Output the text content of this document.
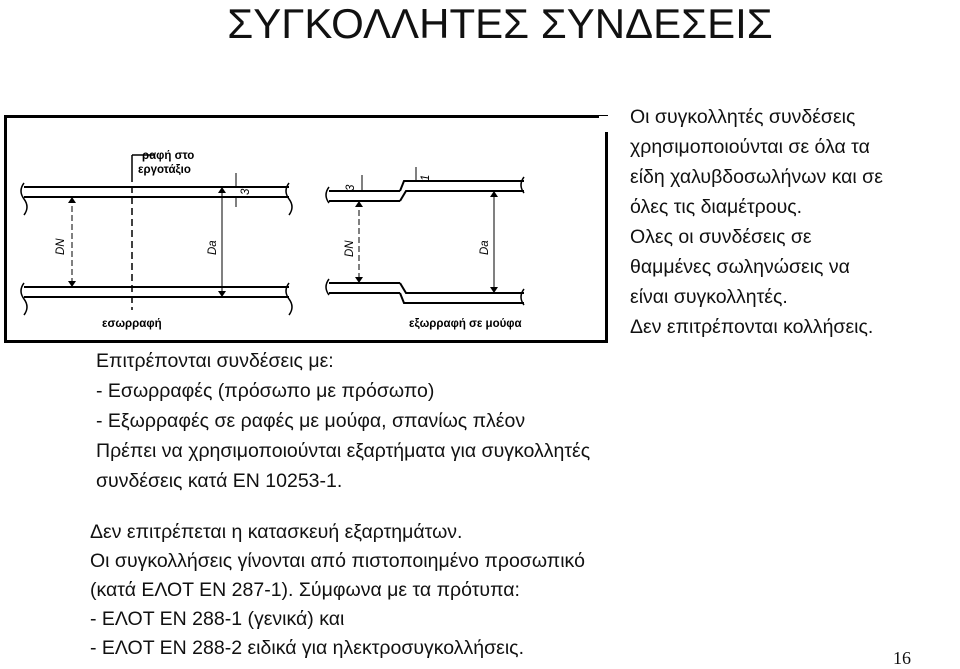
ΣΥΓΚΟΛΛΗΤΕΣ ΣΥΝΔΕΣΕΙΣ
ραφή στο
εργοτάξιο
εσωρραφή	εξωρραφή σε μούφα
DN	Da
3
DN	Da
3
1
Οι συγκολλητές συνδέσεις
χρησιμοποιούνται σε όλα τα
είδη χαλυβδοσωλήνων και σε
όλες τις διαμέτρους.
Ολες οι συνδέσεις σε
θαμμένες σωληνώσεις να
είναι συγκολλητές.
Δεν επιτρέπονται κολλήσεις.
Επιτρέπονται συνδέσεις με:
- Εσωρραφές (πρόσωπο με πρόσωπο)
- Εξωρραφές σε ραφές με μούφα, σπανίως πλέον
Πρέπει να χρησιμοποιούνται εξαρτήματα για συγκολλητές
συνδέσεις κατά ΕΝ 10253-1.
Δεν επιτρέπεται η κατασκευή εξαρτημάτων.
Οι συγκολλήσεις γίνονται από πιστοποιημένο προσωπικό
(κατά ΕΛΟΤ ΕΝ 287-1). Σύμφωνα με τα πρότυπα:
- ΕΛΟΤ ΕΝ 288-1 (γενικά) και
- ΕΛΟΤ ΕΝ 288-2 ειδικά για ηλεκτροσυγκολλήσεις.	16
